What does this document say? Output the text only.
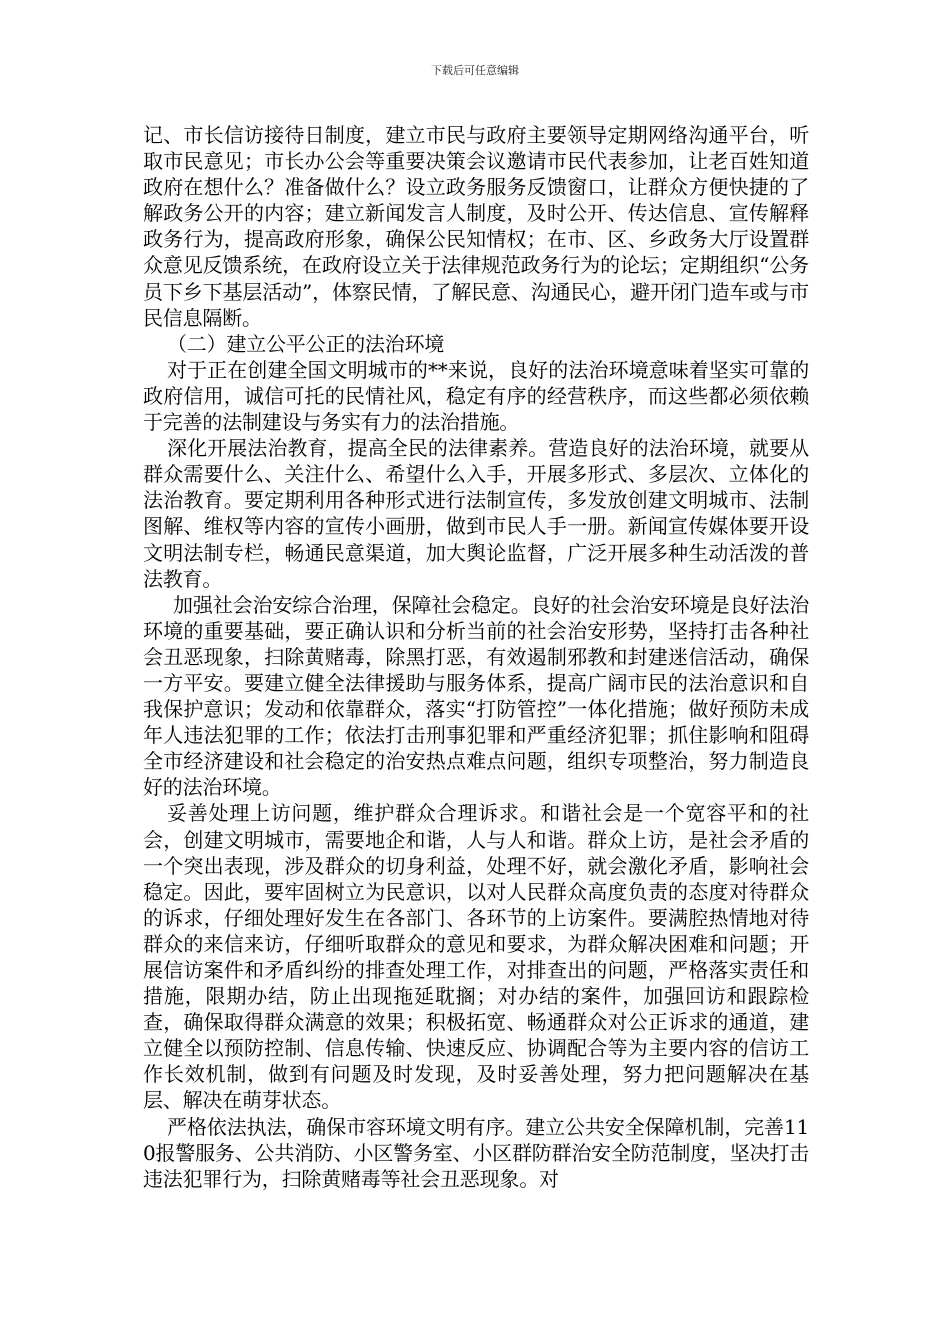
下载后可任意编辑

记、市长信访接待日制度，建立市民与政府主要领导定期网络沟通平台，听取市民意见；市长办公会等重要决策会议邀请市民代表参加，让老百姓知道政府在想什么？准备做什么？设立政务服务反馈窗口，让群众方便快捷的了解政务公开的内容；建立新闻发言人制度，及时公开、传达信息、宣传解释政务行为，提高政府形象，确保公民知情权；在市、区、乡政务大厅设置群众意见反馈系统，在政府设立关于法律规范政务行为的论坛；定期组织“公务员下乡下基层活动”，体察民情，了解民意、沟通民心，避开闭门造车或与市民信息隔断。

（二）建立公平公正的法治环境

对于正在创建全国文明城市的**来说，良好的法治环境意味着坚实可靠的政府信用，诚信可托的民情社风，稳定有序的经营秩序，而这些都必须依赖于完善的法制建设与务实有力的法治措施。

深化开展法治教育，提高全民的法律素养。营造良好的法治环境，就要从群众需要什么、关注什么、希望什么入手，开展多形式、多层次、立体化的法治教育。要定期利用各种形式进行法制宣传，多发放创建文明城市、法制图解、维权等内容的宣传小画册，做到市民人手一册。新闻宣传媒体要开设文明法制专栏，畅通民意渠道，加大舆论监督，广泛开展多种生动活泼的普法教育。

加强社会治安综合治理，保障社会稳定。良好的社会治安环境是良好法治环境的重要基础，要正确认识和分析当前的社会治安形势，坚持打击各种社会丑恶现象，扫除黄赌毒，除黑打恶，有效遏制邪教和封建迷信活动，确保一方平安。要建立健全法律援助与服务体系，提高广阔市民的法治意识和自我保护意识；发动和依靠群众，落实“打防管控”一体化措施；做好预防未成年人违法犯罪的工作；依法打击刑事犯罪和严重经济犯罪；抓住影响和阻碍全市经济建设和社会稳定的治安热点难点问题，组织专项整治，努力制造良好的法治环境。

妥善处理上访问题，维护群众合理诉求。和谐社会是一个宽容平和的社会，创建文明城市，需要地企和谐，人与人和谐。群众上访，是社会矛盾的一个突出表现，涉及群众的切身利益，处理不好，就会激化矛盾，影响社会稳定。因此，要牢固树立为民意识，以对人民群众高度负责的态度对待群众的诉求，仔细处理好发生在各部门、各环节的上访案件。要满腔热情地对待群众的来信来访，仔细听取群众的意见和要求，为群众解决困难和问题；开展信访案件和矛盾纠纷的排查处理工作，对排查出的问题，严格落实责任和措施，限期办结，防止出现拖延耽搁；对办结的案件，加强回访和跟踪检查，确保取得群众满意的效果；积极拓宽、畅通群众对公正诉求的通道，建立健全以预防控制、信息传输、快速反应、协调配合等为主要内容的信访工作长效机制，做到有问题及时发现，及时妥善处理，努力把问题解决在基层、解决在萌芽状态。

严格依法执法，确保市容环境文明有序。建立公共安全保障机制，完善110报警服务、公共消防、小区警务室、小区群防群治安全防范制度，坚决打击违法犯罪行为，扫除黄赌毒等社会丑恶现象。对
